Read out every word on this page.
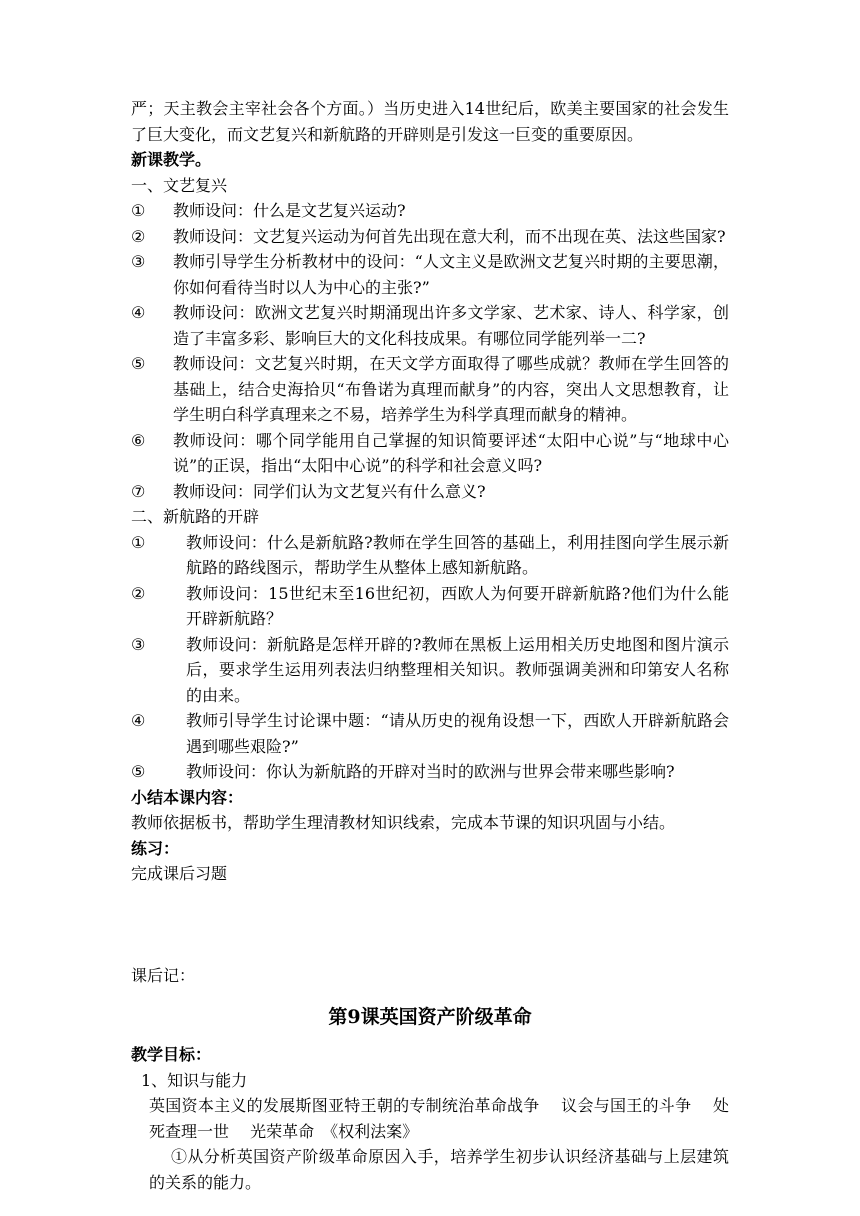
严；天主教会主宰社会各个方面。）当历史进入14世纪后，欧美主要国家的社会发生了巨大变化，而文艺复兴和新航路的开辟则是引发这一巨变的重要原因。

新课教学。

一、文艺复兴

①	教师设问：什么是文艺复兴运动?
②	教师设问：文艺复兴运动为何首先出现在意大利，而不出现在英、法这些国家?
③	教师引导学生分析教材中的设问：“人文主义是欧洲文艺复兴时期的主要思潮，你如何看待当时以人为中心的主张?”
④	教师设问：欧洲文艺复兴时期涌现出许多文学家、艺术家、诗人、科学家，创造了丰富多彩、影响巨大的文化科技成果。有哪位同学能列举一二?
⑤	教师设问：文艺复兴时期，在天文学方面取得了哪些成就？教师在学生回答的基础上，结合史海拾贝“布鲁诺为真理而献身”的内容，突出人文思想教育，让学生明白科学真理来之不易，培养学生为科学真理而献身的精神。
⑥	教师设问：哪个同学能用自己掌握的知识简要评述“太阳中心说”与“地球中心说”的正误，指出“太阳中心说”的科学和社会意义吗?
⑦	教师设问：同学们认为文艺复兴有什么意义?

二、新航路的开辟

①	教师设问：什么是新航路?教师在学生回答的基础上，利用挂图向学生展示新航路的路线图示，帮助学生从整体上感知新航路。
②	教师设问：15世纪末至16世纪初，西欧人为何要开辟新航路?他们为什么能开辟新航路？
③	教师设问：新航路是怎样开辟的?教师在黑板上运用相关历史地图和图片演示后，要求学生运用列表法归纳整理相关知识。教师强调美洲和印第安人名称的由来。
④	教师引导学生讨论课中题：“请从历史的视角设想一下，西欧人开辟新航路会遇到哪些艰险?”
⑤	教师设问：你认为新航路的开辟对当时的欧洲与世界会带来哪些影响?

小结本课内容：

教师依据板书，帮助学生理清教材知识线索，完成本节课的知识巩固与小结。

练习：

完成课后习题

课后记：

第9课英国资产阶级革命

教学目标：

1、知识与能力

英国资本主义的发展斯图亚特王朝的专制统治革命战争　 议会与国王的斗争　 处死查理一世　 光荣革命　《权利法案》

①从分析英国资产阶级革命原因入手，培养学生初步认识经济基础与上层建筑的关系的能力。
